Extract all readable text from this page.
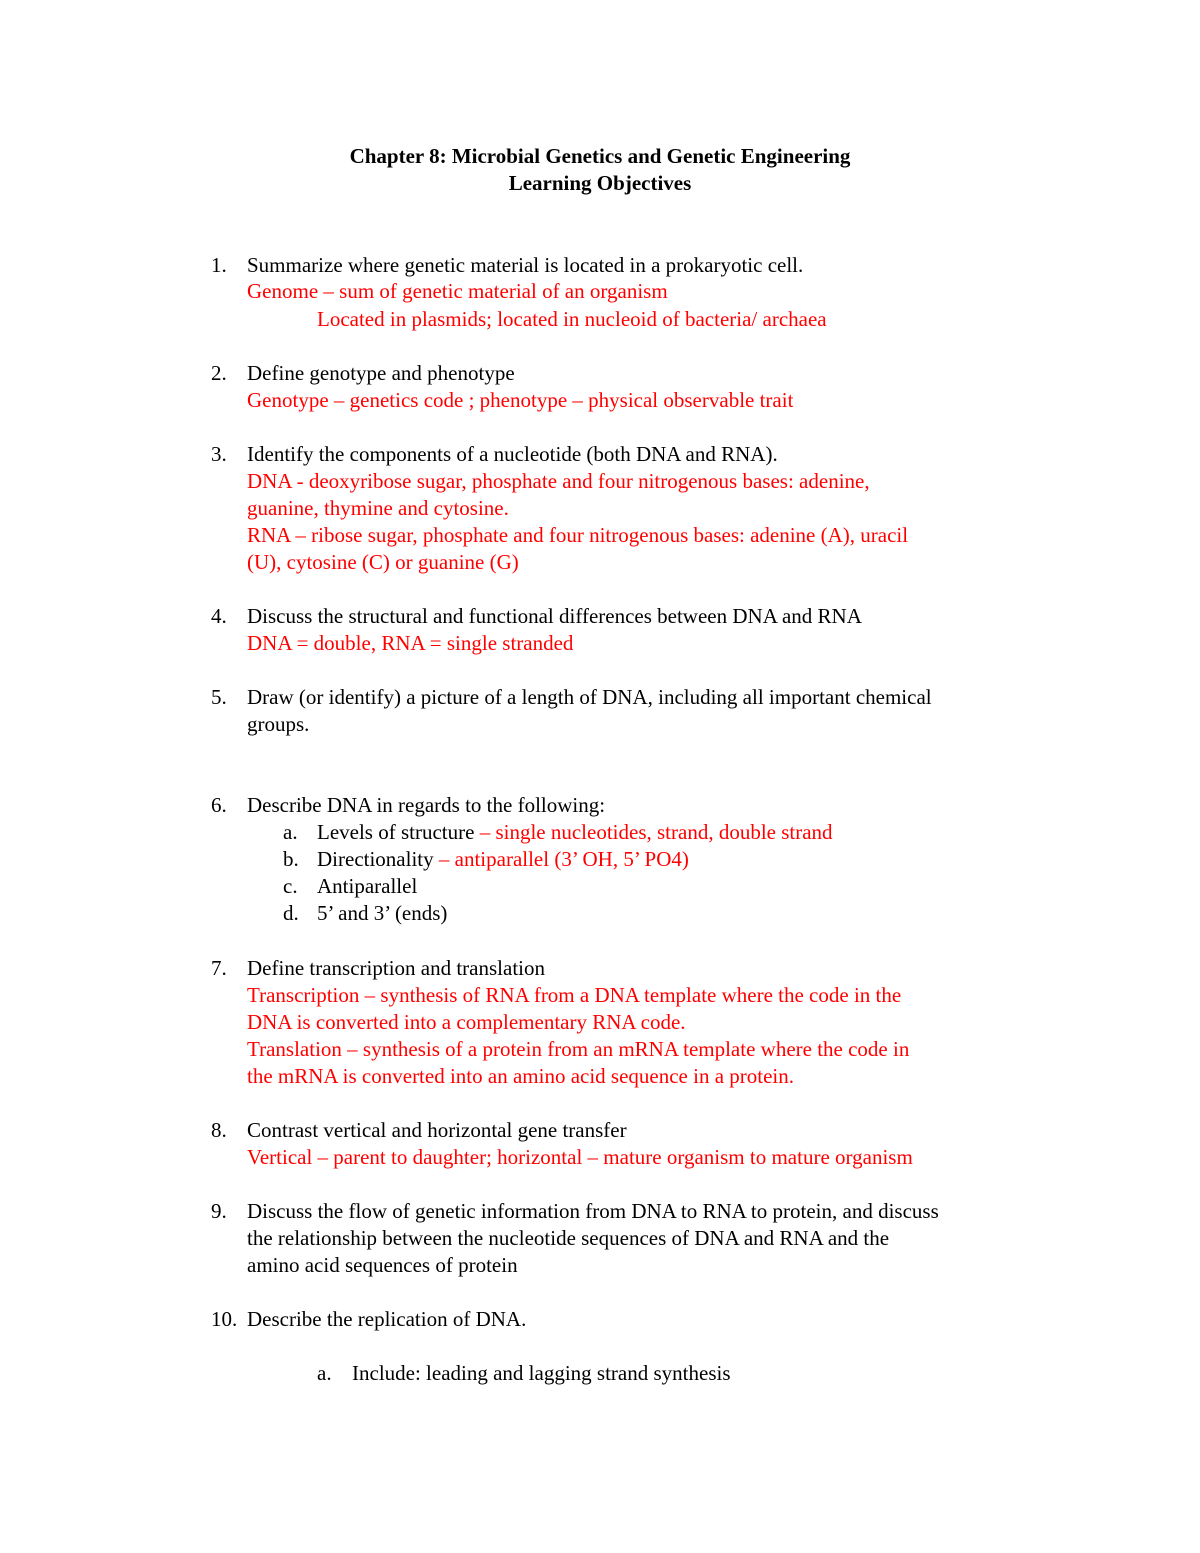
Chapter 8: Microbial Genetics and Genetic Engineering
Learning Objectives
1. Summarize where genetic material is located in a prokaryotic cell.
Genome – sum of genetic material of an organism
Located in plasmids; located in nucleoid of bacteria/ archaea
2. Define genotype and phenotype
Genotype – genetics code ; phenotype – physical observable trait
3. Identify the components of a nucleotide (both DNA and RNA).
DNA - deoxyribose sugar, phosphate and four nitrogenous bases: adenine,
guanine, thymine and cytosine.
RNA – ribose sugar, phosphate and four nitrogenous bases: adenine (A), uracil
(U), cytosine (C) or guanine (G)
4. Discuss the structural and functional differences between DNA and RNA
DNA = double, RNA = single stranded
5. Draw (or identify) a picture of a length of DNA, including all important chemical
groups.
6. Describe DNA in regards to the following:
a. Levels of structure – single nucleotides, strand, double strand
b. Directionality – antiparallel (3’ OH, 5’ PO4)
c. Antiparallel
d. 5’ and 3’ (ends)
7. Define transcription and translation
Transcription – synthesis of RNA from a DNA template where the code in the
DNA is converted into a complementary RNA code.
Translation – synthesis of a protein from an mRNA template where the code in
the mRNA is converted into an amino acid sequence in a protein.
8. Contrast vertical and horizontal gene transfer
Vertical – parent to daughter; horizontal – mature organism to mature organism
9. Discuss the flow of genetic information from DNA to RNA to protein, and discuss
the relationship between the nucleotide sequences of DNA and RNA and the
amino acid sequences of protein
10. Describe the replication of DNA.
a. Include: leading and lagging strand synthesis
